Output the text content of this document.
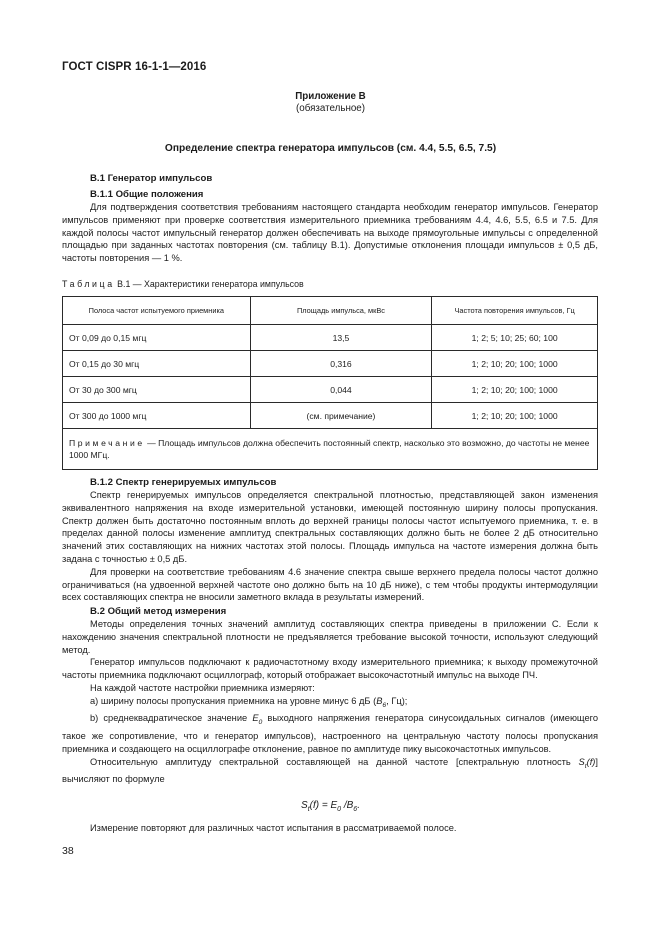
ГОСТ CISPR 16-1-1—2016
Приложение В
(обязательное)
Определение спектра генератора импульсов (см. 4.4, 5.5, 6.5, 7.5)
В.1 Генератор импульсов
В.1.1 Общие положения

Для подтверждения соответствия требованиям настоящего стандарта необходим генератор импульсов. Генератор импульсов применяют при проверке соответствия измерительного приемника требованиям 4.4, 4.6, 5.5, 6.5 и 7.5. Для каждой полосы частот импульсный генератор должен обеспечивать на выходе прямоугольные импульсы с определенной площадью при заданных частотах повторения (см. таблицу В.1). Допустимые отклонения площади импульсов ± 0,5 дБ, частоты повторения — 1 %.

Таблица В.1 — Характеристики генератора импульсов
Полоса частот испытуемого приемника	Площадь импульса, мкВс	Частота повторения импульсов, Гц
От 0,09 до 0,15 мгц	13,5	1; 2; 5; 10; 25; 60; 100
От 0,15 до 30 мгц	0,316	1; 2; 10; 20; 100; 1000
От 30 до 300 мгц	0,044	1; 2; 10; 20; 100; 1000
От 300 до 1000 мгц	(см. примечание)	1; 2; 10; 20; 100; 1000
Примечание — Площадь импульсов должна обеспечить постоянный спектр, насколько это возможно, до частоты не менее 1000 МГц.		
В.1.2 Спектр генерируемых импульсов

Спектр генерируемых импульсов определяется спектральной плотностью, представляющей закон изменения эквивалентного напряжения на входе измерительной установки, имеющей постоянную ширину полосы пропускания. Спектр должен быть достаточно постоянным вплоть до верхней границы полосы частот испытуемого приемника, т. е. в пределах данной полосы изменение амплитуд спектральных составляющих должно быть не более 2 дБ относительно значений этих составляющих на нижних частотах этой полосы. Площадь импульса на частоте измерения должна быть задана с точностью ± 0,5 дБ.

Для проверки на соответствие требованиям 4.6 значение спектра свыше верхнего предела полосы частот должно ограничиваться (на удвоенной верхней частоте оно должно быть на 10 дБ ниже), с тем чтобы продукты интермодуляции всех составляющих спектра не вносили заметного вклада в результаты измерений.

В.2 Общий метод измерения

Методы определения точных значений амплитуд составляющих спектра приведены в приложении С. Если к нахождению значения спектральной плотности не предъявляется требование высокой точности, используют следующий метод.

Генератор импульсов подключают к радиочастотному входу измерительного приемника; к выходу промежуточной частоты приемника подключают осциллограф, который отображает высокочастотный импульс на выходе ПЧ.

На каждой частоте настройки приемника измеряют:

а) ширину полосы пропускания приемника на уровне минус 6 дБ ($B_6$, Гц);

b) среднеквадратическое значение $E_0$ выходного напряжения генератора синусоидальных сигналов (имеющего такое же сопротивление, что и генератор импульсов), настроенного на центральную частоту полосы пропускания приемника и создающего на осциллографе отклонение, равное по амплитуде пику высокочастотных импульсов.

Относительную амплитуду спектральной составляющей на данной частоте [спектральную плотность $S_t(f)$] вычисляют по формуле

$S_t(f) = E_0$ $/B_6$.

Измерение повторяют для различных частот испытания в рассматриваемой полосе.

38
